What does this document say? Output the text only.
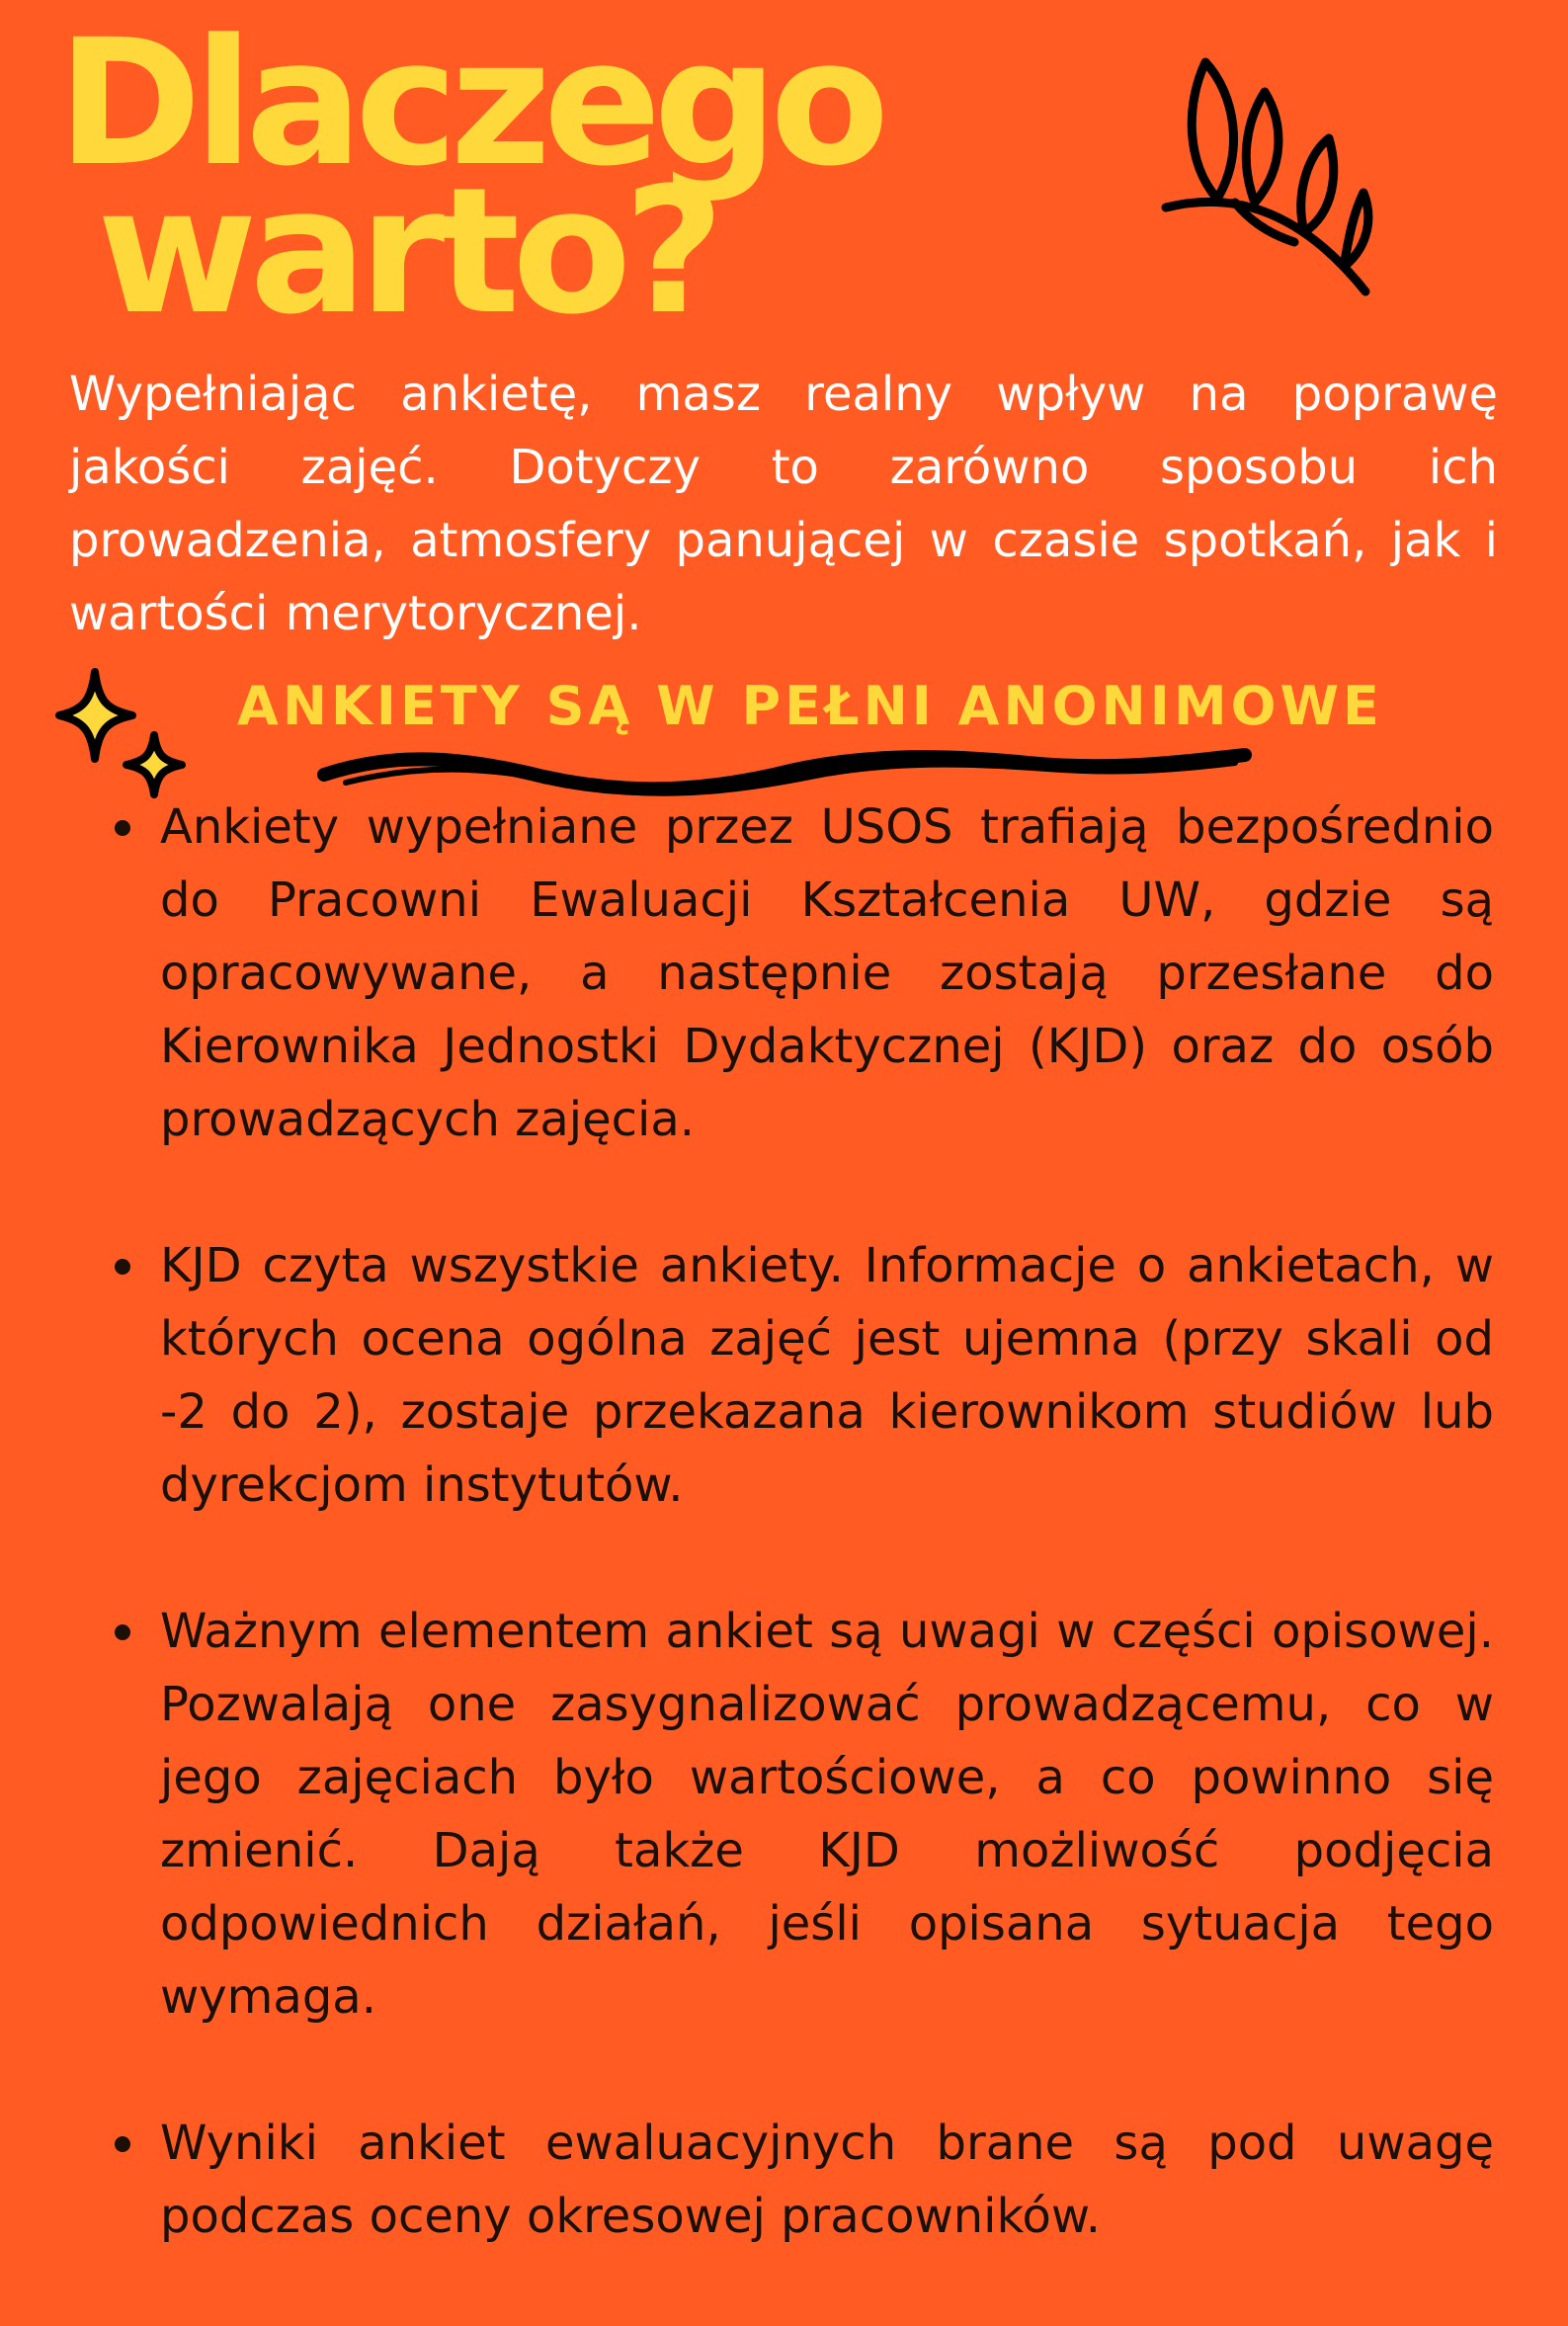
Dlaczego
warto?

Wypełniając ankietę, masz realny wpływ na poprawę jakości zajęć. Dotyczy to zarówno sposobu ich prowadzenia, atmosfery panującej w czasie spotkań, jak i wartości merytorycznej.

ANKIETY SĄ W PEŁNI ANONIMOWE
Ankiety wypełniane przez USOS trafiają bezpośrednio do Pracowni Ewaluacji Kształcenia UW, gdzie są opracowywane, a następnie zostają przesłane do Kierownika Jednostki Dydaktycznej (KJD) oraz do osób prowadzących zajęcia.
KJD czyta wszystkie ankiety. Informacje o ankietach, w których ocena ogólna zajęć jest ujemna (przy skali od -2 do 2), zostaje przekazana kierownikom studiów lub dyrekcjom instytutów.
Ważnym elementem ankiet są uwagi w części opisowej. Pozwalają one zasygnalizować prowadzącemu, co w jego zajęciach było wartościowe, a co powinno się zmienić. Dają także KJD możliwość podjęcia odpowiednich działań, jeśli opisana sytuacja tego wymaga.
Wyniki ankiet ewaluacyjnych brane są pod uwagę podczas oceny okresowej pracowników.
